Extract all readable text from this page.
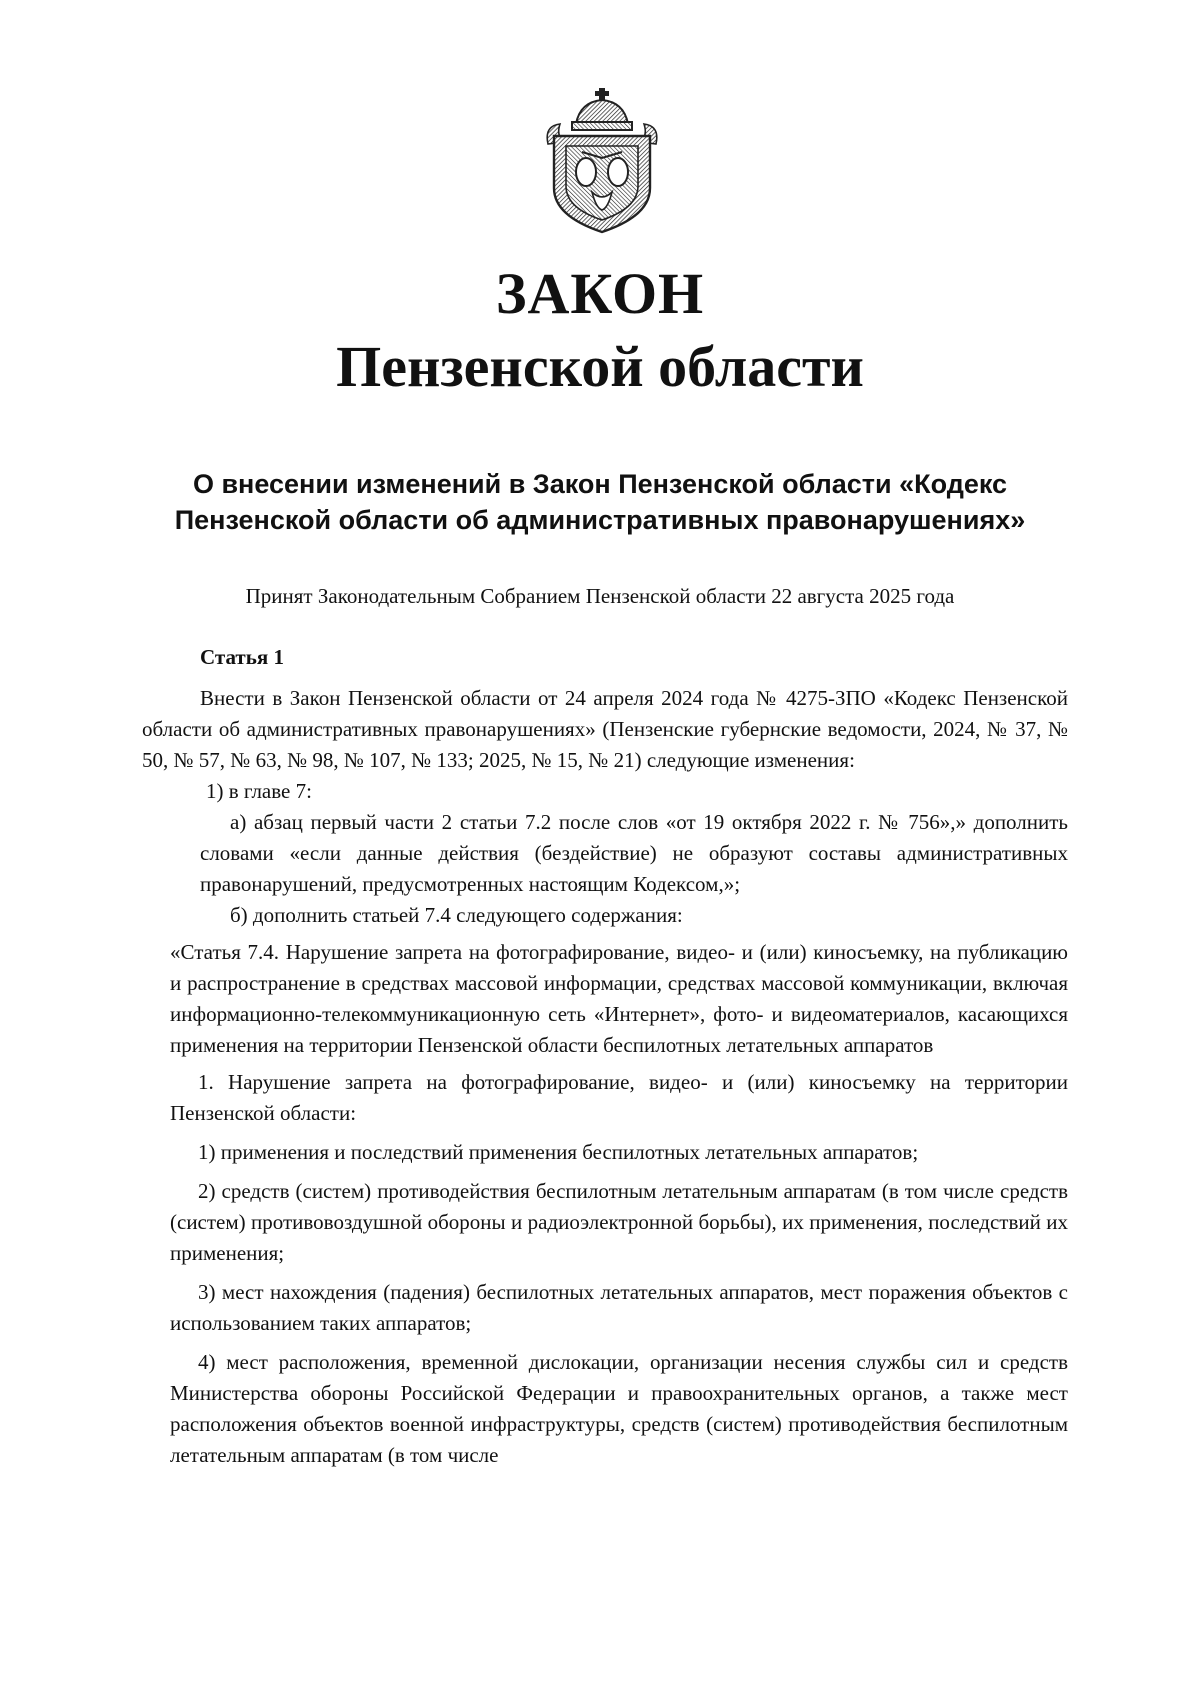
ЗАКОН
Пензенской области
О внесении изменений в Закон Пензенской области «Кодекс
Пензенской области об административных правонарушениях»

Принят Законодательным Собранием Пензенской области 22 августа 2025 года

Статья 1

Внести в Закон Пензенской области от 24 апреля 2024 года № 4275-ЗПО «Кодекс Пензенской области об административных правонарушениях» (Пензенские губернские ведомости, 2024, № 37, № 50, № 57, № 63, № 98, № 107, № 133; 2025, № 15, № 21) следующие изменения:

1) в главе 7:

а) абзац первый части 2 статьи 7.2 после слов «от 19 октября 2022 г. № 756»,» дополнить словами «если данные действия (бездействие) не образуют составы административных правонарушений, предусмотренных настоящим Кодексом,»;

б) дополнить статьей 7.4 следующего содержания:

«Статья 7.4. Нарушение запрета на фотографирование, видео- и (или) киносъемку, на публикацию и распространение в средствах массовой информации, средствах массовой коммуникации, включая информационно-телекоммуникационную сеть «Интернет», фото- и видеоматериалов, касающихся применения на территории Пензенской области беспилотных летательных аппаратов

1. Нарушение запрета на фотографирование, видео- и (или) киносъемку на территории Пензенской области:

1) применения и последствий применения беспилотных летательных аппаратов;

2) средств (систем) противодействия беспилотным летательным аппаратам (в том числе средств (систем) противовоздушной обороны и радиоэлектронной борьбы), их применения, последствий их применения;

3) мест нахождения (падения) беспилотных летательных аппаратов, мест поражения объектов с использованием таких аппаратов;

4) мест расположения, временной дислокации, организации несения службы сил и средств Министерства обороны Российской Федерации и правоохранительных органов, а также мест расположения объектов военной инфраструктуры, средств (систем) противодействия беспилотным летательным аппаратам (в том числе
